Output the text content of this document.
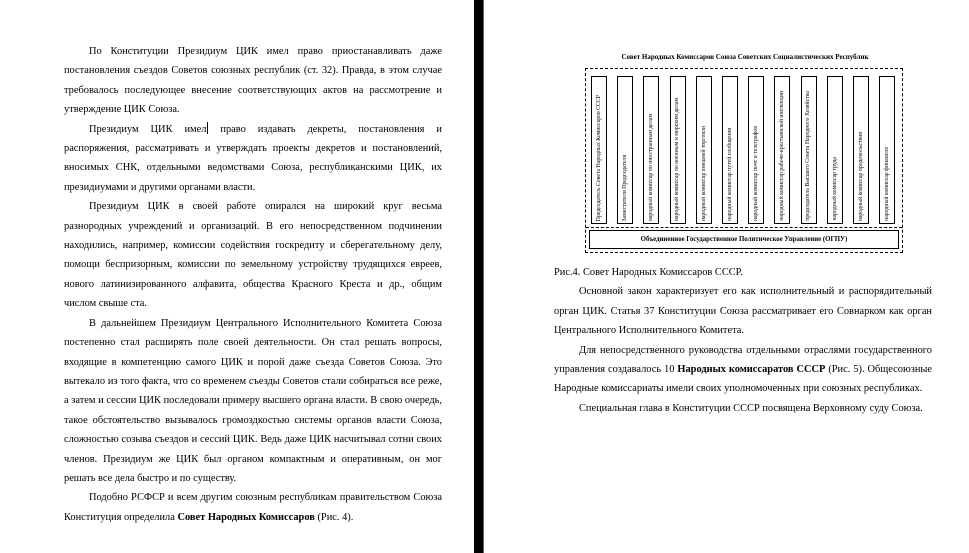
По Конституции Президиум ЦИК имел право приостанавливать даже постановления съездов Советов союзных республик (ст. 32). Правда, в этом случае требовалось последующее внесение соответствующих актов на рассмотрение и утверждение ЦИК Союза.

Президиум ЦИК имел право издавать декреты, постановления и распоряжения, рассматривать и утверждать проекты декретов и постановлений, вносимых СНК, отдельными ведомствами Союза, республиканскими ЦИК, их президиумами и другими органами власти.

Президиум ЦИК в своей работе опирался на широкий круг весьма разнородных учреждений и организаций. В его непосредственном подчинении находились, например, комиссии содействия госкредиту и сберегательному делу, помощи беспризорным, комиссии по земельному устройству трудящихся евреев, нового латинизированного алфавита, общества Красного Креста и др., общим числом свыше ста.

В дальнейшем Президиум Центрального Исполнительного Комитета Союза постепенно стал расширять поле своей деятельности. Он стал решать вопросы, входящие в компетенцию самого ЦИК и порой даже съезда Советов Союза. Это вытекало из того факта, что со временем съезды Советов стали собираться все реже, а затем и сессии ЦИК последовали примеру высшего органа власти. В свою очередь, такое обстоятельство вызывалось громоздкостью системы органов власти Союза, сложностью созыва съездов и сессий ЦИК. Ведь даже ЦИК насчитывал сотни своих членов. Президиум же ЦИК был органом компактным и оперативным, он мог решать все дела быстро и по существу.

Подобно РСФСР и всем другим союзным республикам правительством Союза Конституция определила Совет Народных Комиссаров (Рис. 4).

Совет Народных Комиссаров Союза Советских Социалистических Республик
Председатель Совета Народных Комиссаров СССР	Заместители Председателя	народный комиссар по иностранным делам	народный комиссар по военным и морским делам	народный комиссар внешней торговли	народный комиссар путей сообщения	народный комиссар почт и телеграфов	народный комиссар рабоче-крестьянской инспекции	председатель Высшего Совета Народного Хозяйства	народный комиссар труда	народный комиссар продовольствия	народный комиссар финансов
Объединенное Государственное Политическое Управление (ОГПУ)

Рис.4. Совет Народных Комиссаров СССР.

Основной закон характеризует его как исполнительный и распорядительный орган ЦИК. Статья 37 Конституции Союза рассматривает его Совнарком как орган Центрального Исполнительного Комитета.

Для непосредственного руководства отдельными отраслями государственного управления создавалось 10 Народных комиссаратов СССР (Рис. 5). Общесоюзные Народные комиссариаты имели своих уполномоченных при союзных республиках.

Специальная глава в Конституции СССР посвящена Верховному суду Союза.
